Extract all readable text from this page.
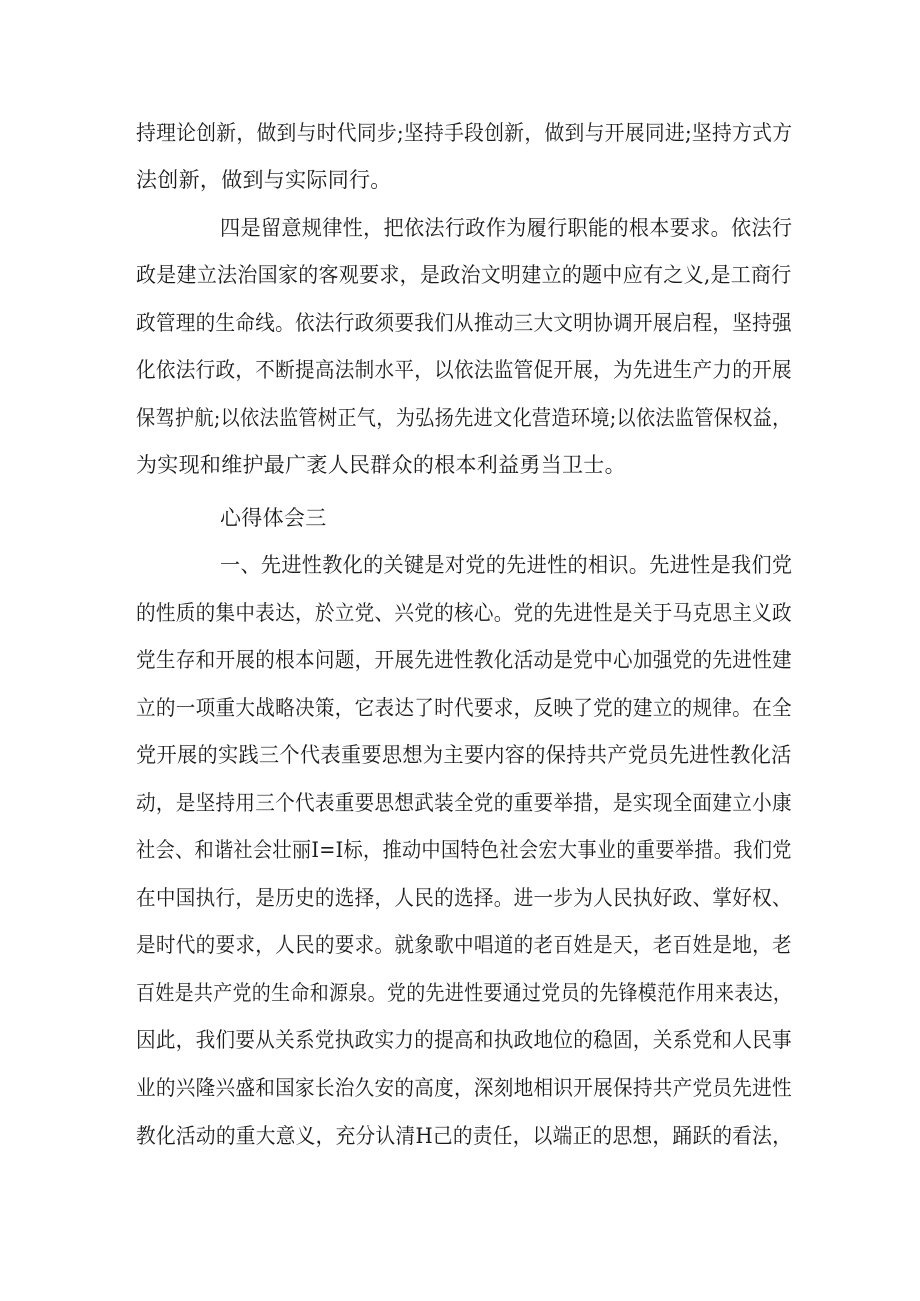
持理论创新，做到与时代同步;坚持手段创新，做到与开展同进;坚持方式方
法创新，做到与实际同行。
四是留意规律性，把依法行政作为履行职能的根本要求。依法行
政是建立法治国家的客观要求，是政治文明建立的题中应有之义,是工商行
政管理的生命线。依法行政须要我们从推动三大文明协调开展启程，坚持强
化依法行政，不断提高法制水平，以依法监管促开展，为先进生产力的开展
保驾护航;以依法监管树正气，为弘扬先进文化营造环境;以依法监管保权益，
为实现和维护最广袤人民群众的根本利益勇当卫士。
心得体会三
一、先进性教化的关键是对党的先进性的相识。先进性是我们党
的性质的集中表达，於立党、兴党的核心。党的先进性是关于马克思主义政
党生存和开展的根本问题，开展先进性教化活动是党中心加强党的先进性建
立的一项重大战略决策，它表达了时代要求，反映了党的建立的规律。在全
党开展的实践三个代表重要思想为主要内容的保持共产党员先进性教化活
动，是坚持用三个代表重要思想武装全党的重要举措，是实现全面建立小康
社会、和谐社会壮丽I=I标，推动中国特色社会宏大事业的重要举措。我们党
在中国执行，是历史的选择，人民的选择。进一步为人民执好政、掌好权、
是时代的要求，人民的要求。就象歌中唱道的老百姓是天，老百姓是地，老
百姓是共产党的生命和源泉。党的先进性要通过党员的先锋模范作用来表达，
因此，我们要从关系党执政实力的提高和执政地位的稳固，关系党和人民事
业的兴隆兴盛和国家长治久安的高度，深刻地相识开展保持共产党员先进性
教化活动的重大意义，充分认清H己的责任，以端正的思想，踊跃的看法，
